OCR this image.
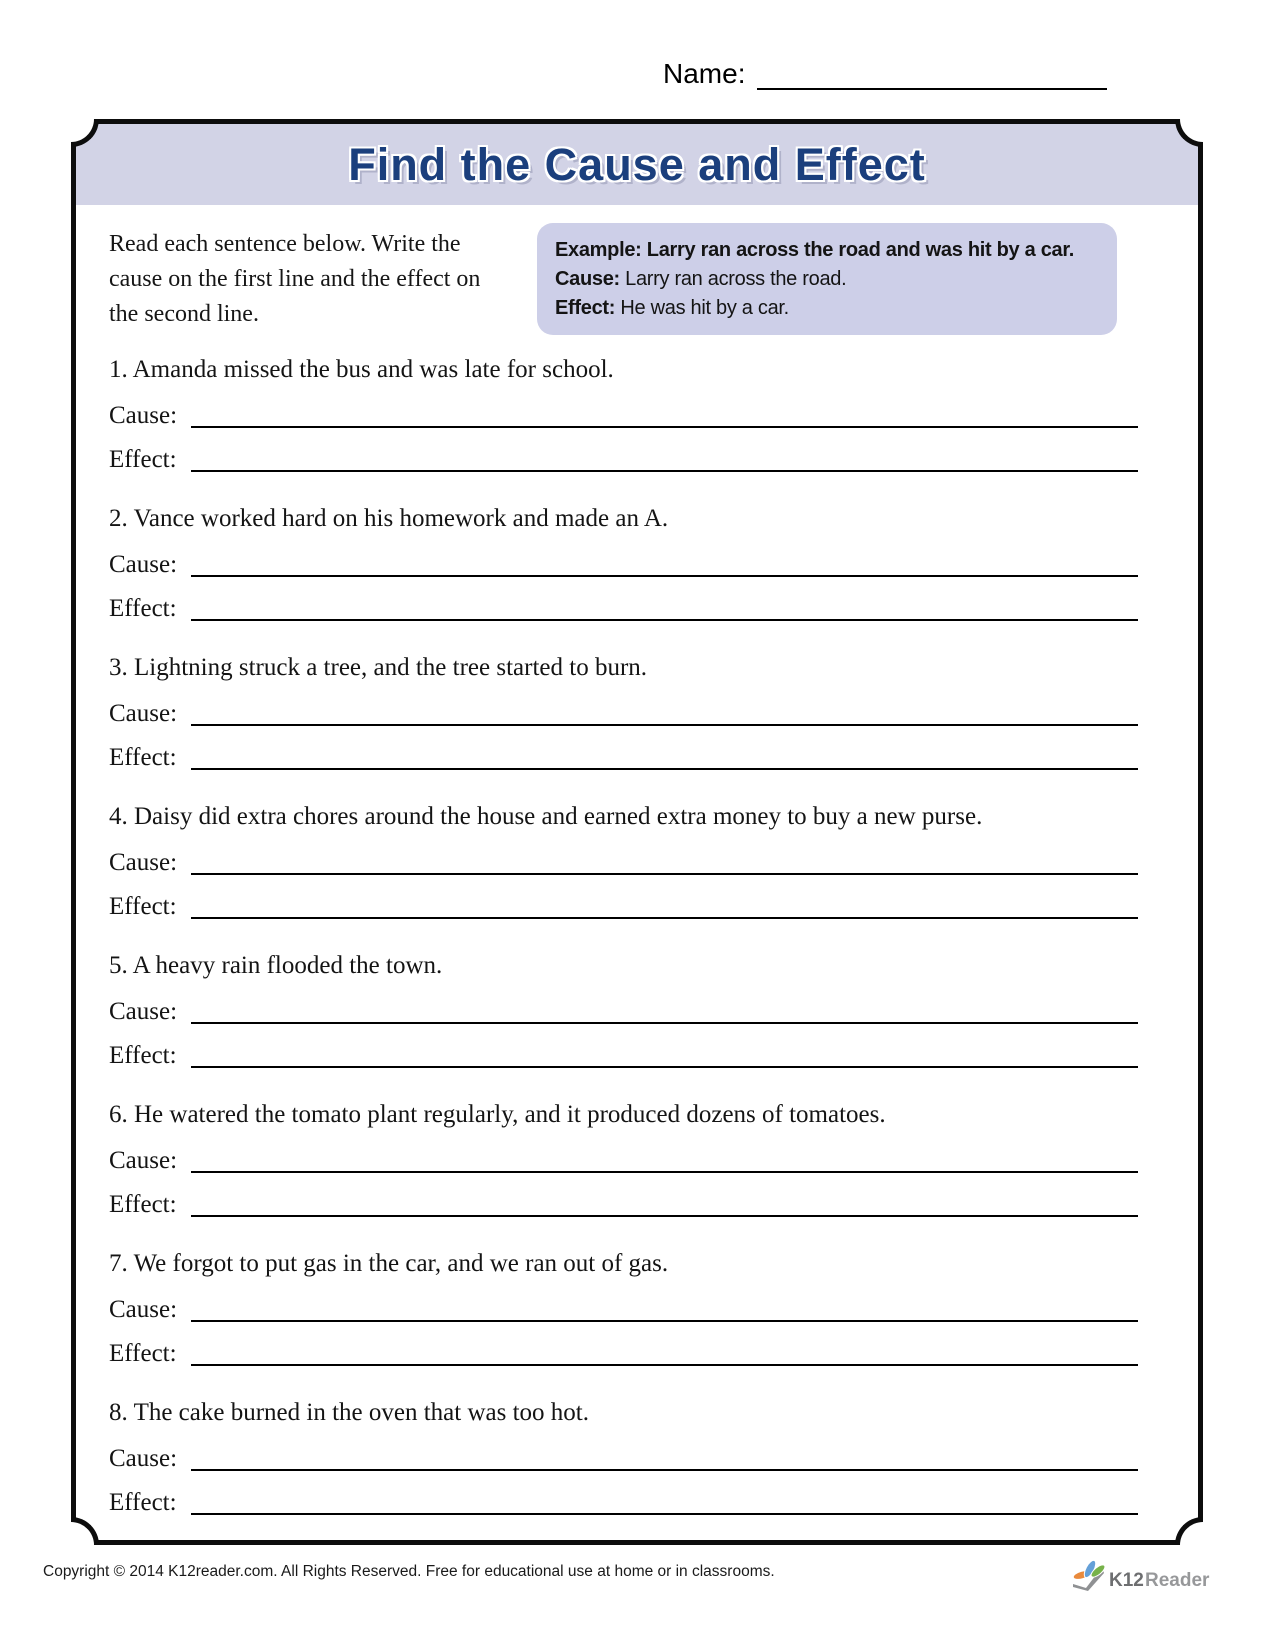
Name:
Find the Cause and Effect
Read each sentence below. Write the cause on the first line and the effect on the second line.
Example: Larry ran across the road and was hit by a car.
Cause: Larry ran across the road.
Effect: He was hit by a car.
1. Amanda missed the bus and was late for school.
Cause:
Effect:
2. Vance worked hard on his homework and made an A.
Cause:
Effect:
3. Lightning struck a tree, and the tree started to burn.
Cause:
Effect:
4. Daisy did extra chores around the house and earned extra money to buy a new purse.
Cause:
Effect:
5. A heavy rain flooded the town.
Cause:
Effect:
6. He watered the tomato plant regularly, and it produced dozens of tomatoes.
Cause:
Effect:
7. We forgot to put gas in the car, and we ran out of gas.
Cause:
Effect:
8. The cake burned in the oven that was too hot.
Cause:
Effect:
Copyright © 2014 K12reader.com. All Rights Reserved. Free for educational use at home or in classrooms.	K12 Reader
